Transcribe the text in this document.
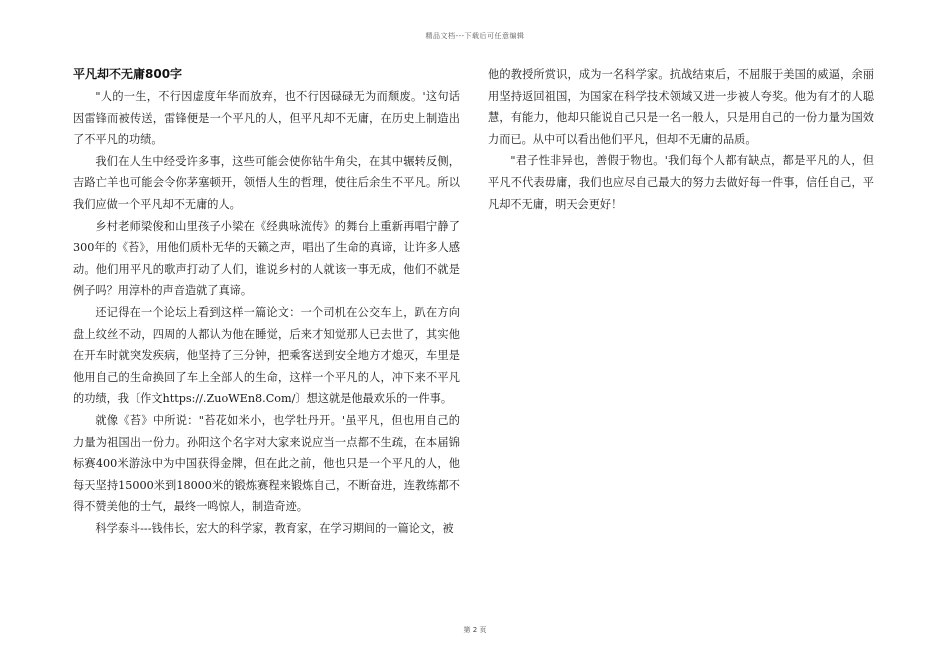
精品文档---下载后可任意编辑
平凡却不无庸800字

"人的一生，不行因虚度年华而放弃，也不行因碌碌无为而颓废。'这句话因雷锋而被传送，雷锋便是一个平凡的人，但平凡却不无庸，在历史上制造出了不平凡的功绩。

我们在人生中经受许多事，这些可能会使你钻牛角尖，在其中辗转反侧，吉路亡羊也可能会令你茅塞顿开，领悟人生的哲理，使往后余生不平凡。所以我们应做一个平凡却不无庸的人。

乡村老师梁俊和山里孩子小梁在《经典咏流传》的舞台上重新再唱宁静了300年的《苔》，用他们质朴无华的天籁之声，唱出了生命的真谛，让许多人感动。他们用平凡的歌声打动了人们，谁说乡村的人就该一事无成，他们不就是例子吗？用淳朴的声音造就了真谛。

还记得在一个论坛上看到这样一篇论文：一个司机在公交车上，趴在方向盘上纹丝不动，四周的人都认为他在睡觉，后来才知觉那人已去世了，其实他在开车时就突发疾病，他坚持了三分钟，把乘客送到安全地方才熄灭，车里是他用自己的生命换回了车上全部人的生命，这样一个平凡的人，冲下来不平凡的功绩，我〔作文https://.ZuoWEn8.Com/〕想这就是他最欢乐的一件事。

就像《苔》中所说："苔花如米小，也学牡丹开。'虽平凡，但也用自己的力量为祖国出一份力。孙阳这个名字对大家来说应当一点都不生疏，在本届锦标赛400米游泳中为中国获得金牌，但在此之前，他也只是一个平凡的人，他每天坚持15000米到18000米的锻炼赛程来锻炼自己，不断奋进，连教练都不得不赞美他的士气，最终一鸣惊人，制造奇迹。

科学泰斗---钱伟长，宏大的科学家，教育家，在学习期间的一篇论文，被

他的教授所赏识，成为一名科学家。抗战结束后，不屈服于美国的威逼，余丽用坚持返回祖国，为国家在科学技术领域又进一步被人夸奖。他为有才的人聪慧，有能力，他却只能说自己只是一名一般人，只是用自己的一份力量为国效力而已。从中可以看出他们平凡，但却不无庸的品质。

"君子性非异也，善假于物也。'我们每个人都有缺点，都是平凡的人，但平凡不代表毋庸，我们也应尽自己最大的努力去做好每一件事，信任自己，平凡却不无庸，明天会更好！

第 2 页
